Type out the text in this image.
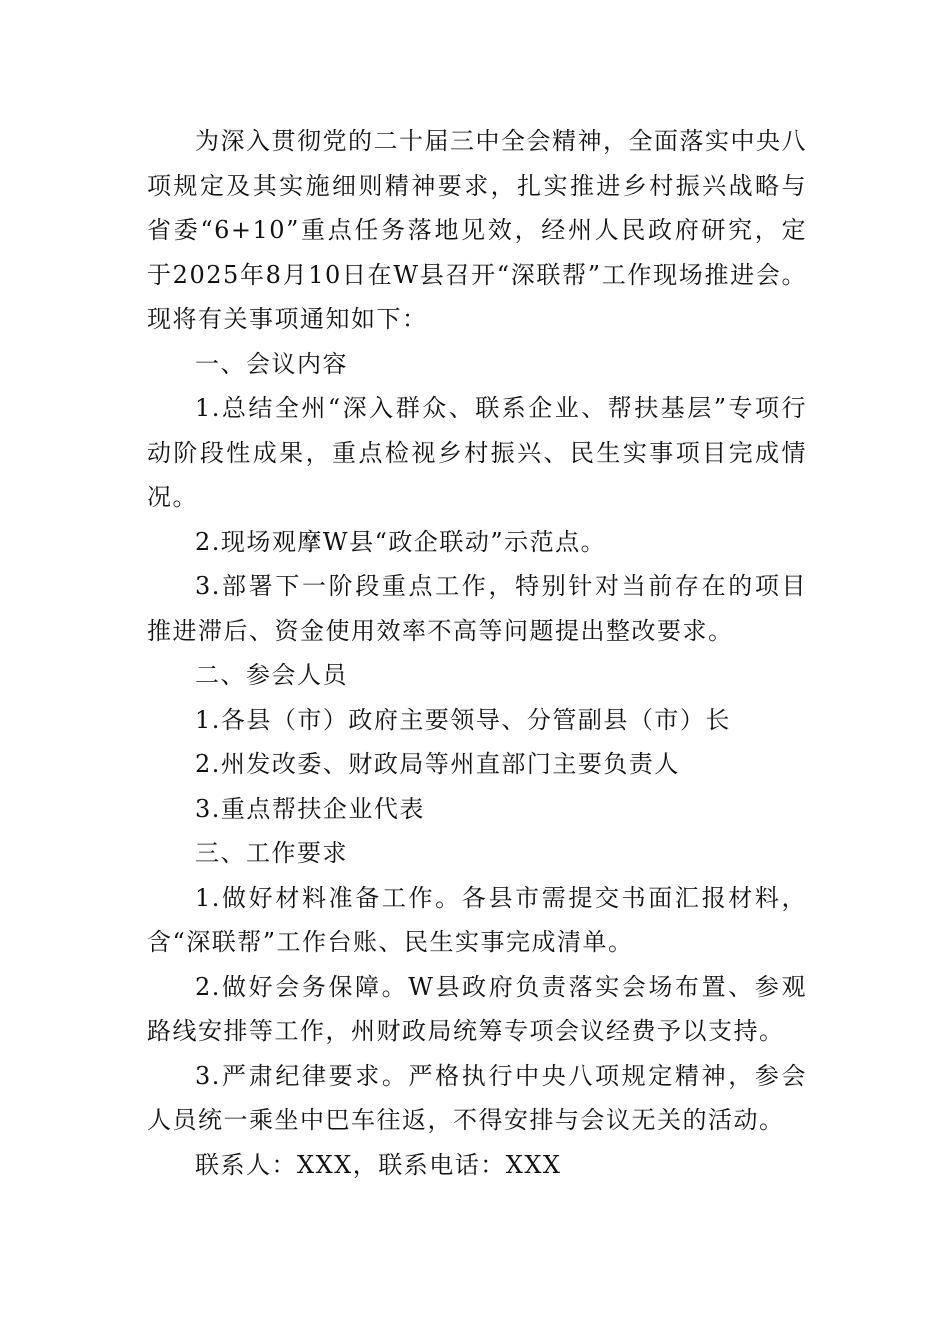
为深入贯彻党的二十届三中全会精神，全面落实中央八项规定及其实施细则精神要求，扎实推进乡村振兴战略与省委“6+10”重点任务落地见效，经州人民政府研究，定于2025年8月10日在W县召开“深联帮”工作现场推进会。现将有关事项通知如下：

一、会议内容

1.总结全州“深入群众、联系企业、帮扶基层”专项行动阶段性成果，重点检视乡村振兴、民生实事项目完成情况。

2.现场观摩W县“政企联动”示范点。

3.部署下一阶段重点工作，特别针对当前存在的项目推进滞后、资金使用效率不高等问题提出整改要求。

二、参会人员

1.各县（市）政府主要领导、分管副县（市）长

2.州发改委、财政局等州直部门主要负责人

3.重点帮扶企业代表

三、工作要求

1.做好材料准备工作。各县市需提交书面汇报材料，含“深联帮”工作台账、民生实事完成清单。

2.做好会务保障。W县政府负责落实会场布置、参观路线安排等工作，州财政局统筹专项会议经费予以支持。

3.严肃纪律要求。严格执行中央八项规定精神，参会人员统一乘坐中巴车往返，不得安排与会议无关的活动。

联系人：XXX，联系电话：XXX
